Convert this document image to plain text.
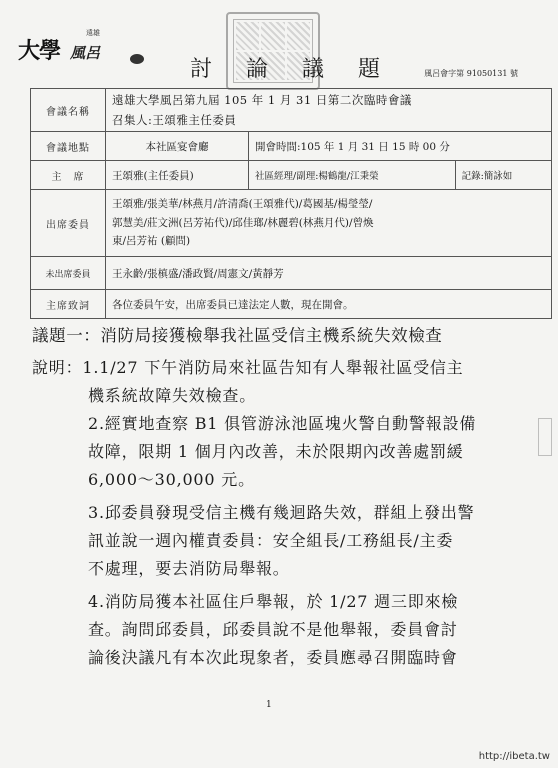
大學
遠雄
風呂
討 論 議 題	風呂會字第 91050131 號
會議名稱	遠雄大學風呂第九屆 105 年 1 月 31 日第二次臨時會議
召集人:王頌雅主任委員		

會議地點	本社區宴會廳	開會時間:105 年 1 月 31 日 15 時 00 分	
主　席	王頌雅(主任委員)	社區經理/副理:楊鶴龍/江秉榮	記錄:簡詠如
出席委員	王頌雅/張美華/林燕月/許清喬(王頌雅代)/葛國基/楊瑩瑩/
郭慧美/莊文洲(呂芳祐代)/邱佳瑯/林麗碧(林燕月代)/曾煥
東/呂芳祐 (顧問)		

未出席委員	王永齡/張槙盛/潘政賢/周憲文/黃靜芳		
主席致詞	各位委員午安，出席委員已達法定人數，現在開會。		
議題一：消防局接獲檢舉我社區受信主機系統失效檢查
說明：1.1/27 下午消防局來社區告知有人舉報社區受信主
機系統故障失效檢查。
2.經實地查察 B1 俱管游泳池區塊火警自動警報設備
故障，限期 1 個月內改善，未於限期內改善處罰緩
6,000～30,000 元。
3.邱委員發現受信主機有幾迴路失效，群組上發出警
訊並說一週內權責委員：安全組長/工務組長/主委
不處理，要去消防局舉報。
4.消防局獲本社區住戶舉報，於 1/27 週三即來檢
查。詢問邱委員，邱委員說不是他舉報，委員會討
論後決議凡有本次此現象者，委員應尋召開臨時會
1
http://ibeta.tw
